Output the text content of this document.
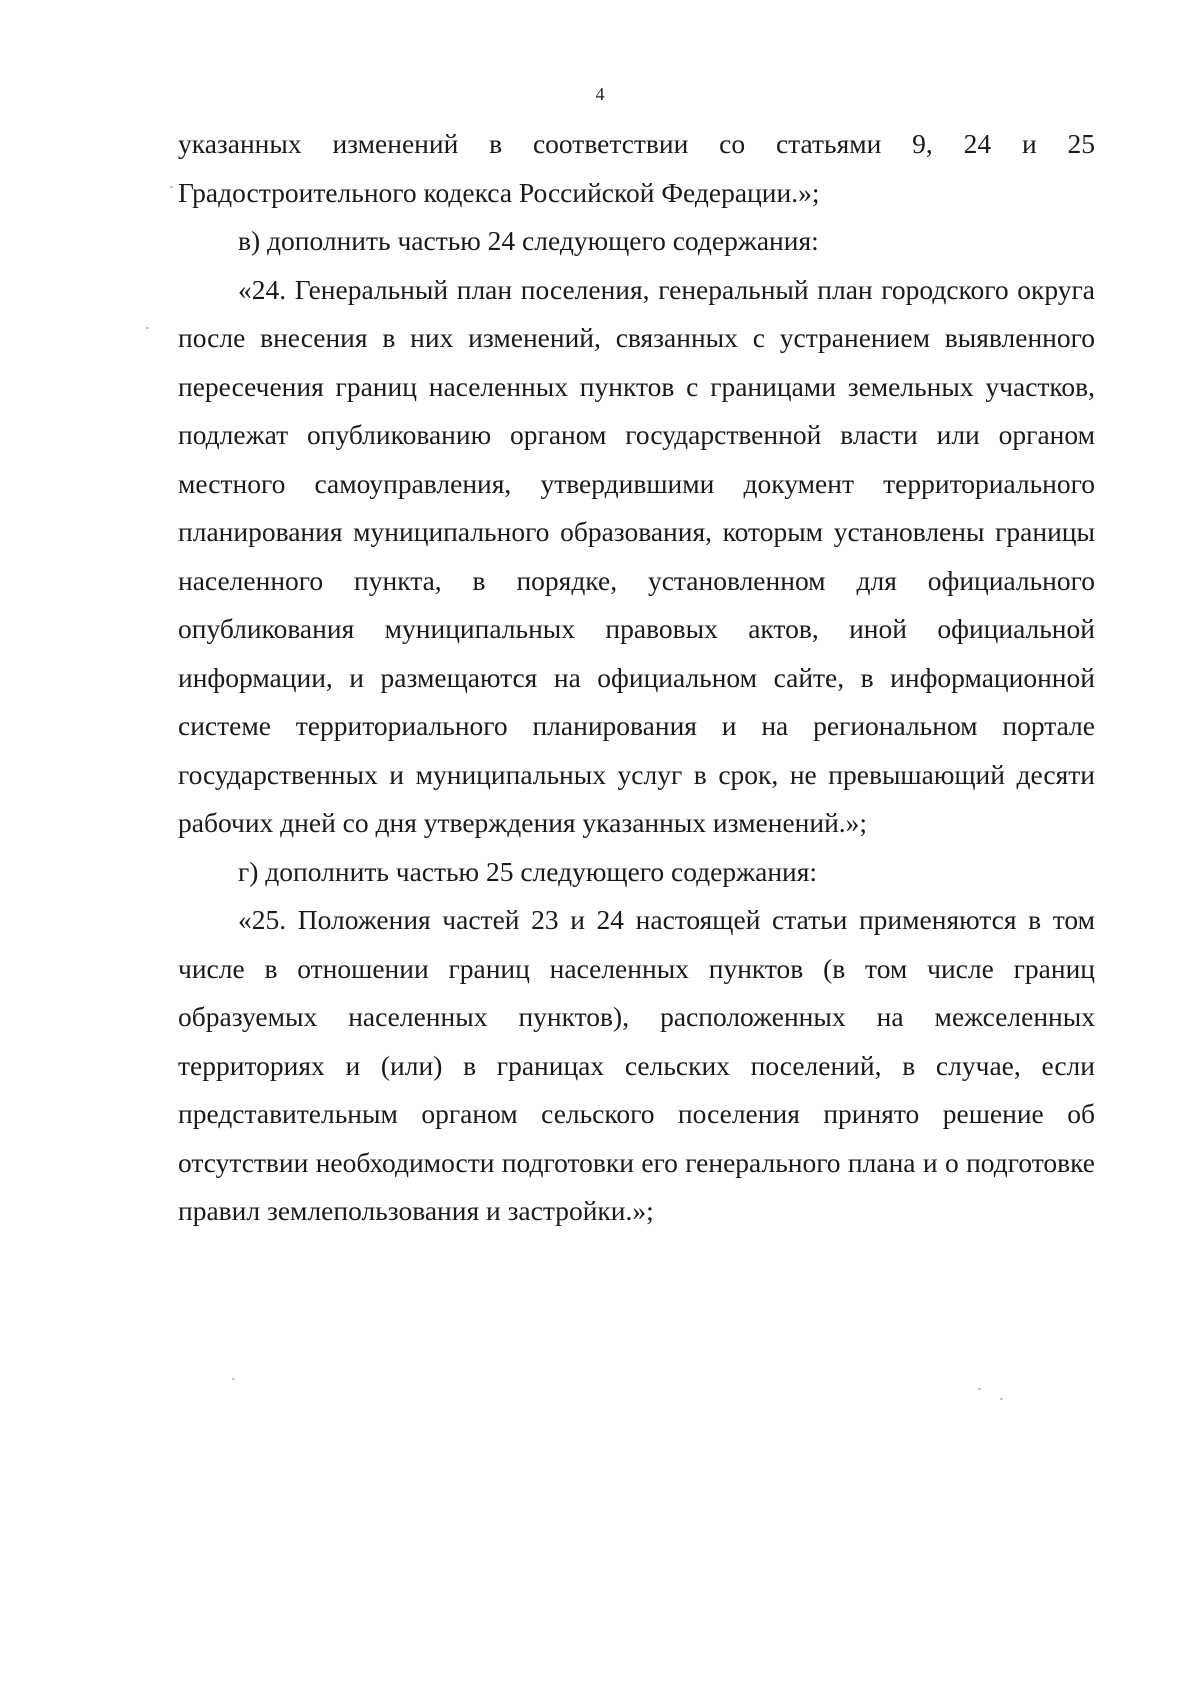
4

указанных изменений в соответствии со статьями 9, 24 и 25 Градостроительного кодекса Российской Федерации.»;

в) дополнить частью 24 следующего содержания:

«24. Генеральный план поселения, генеральный план городского округа после внесения в них изменений, связанных с устранением выявленного пересечения границ населенных пунктов с границами земельных участков, подлежат опубликованию органом государственной власти или органом местного самоуправления, утвердившими документ территориального планирования муниципального образования, которым установлены границы населенного пункта, в порядке, установленном для официального опубликования муниципальных правовых актов, иной официальной информации, и размещаются на официальном сайте, в информационной системе территориального планирования и на региональном портале государственных и муниципальных услуг в срок, не превышающий десяти рабочих дней со дня утверждения указанных изменений.»;

г) дополнить частью 25 следующего содержания:

«25. Положения частей 23 и 24 настоящей статьи применяются в том числе в отношении границ населенных пунктов (в том числе границ образуемых населенных пунктов), расположенных на межселенных территориях и (или) в границах сельских поселений, в случае, если представительным органом сельского поселения принято решение об отсутствии необходимости подготовки его генерального плана и о подготовке правил землепользования и застройки.»;
